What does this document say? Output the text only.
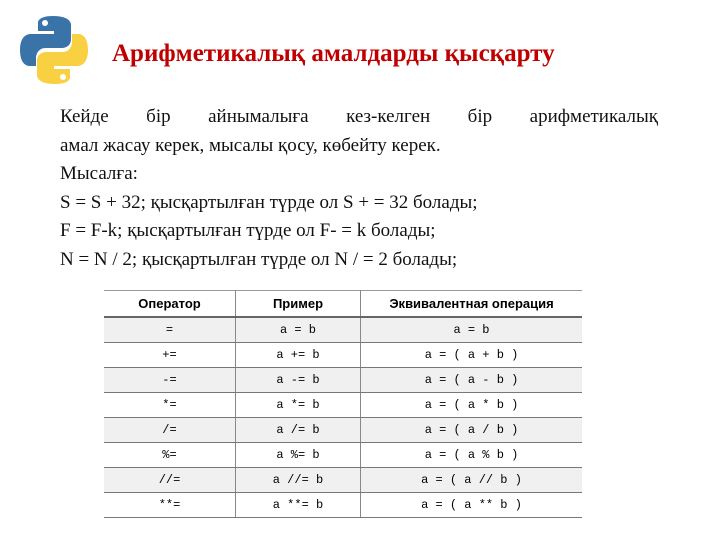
Арифметикалық амалдарды қысқарту

Кейде бір айнымалыға кез-келген бір арифметикалық

амал жасау керек, мысалы қосу, көбейту керек.

Мысалға:

S = S + 32; қысқартылған түрде ол S + = 32 болады;

F = F-k; қысқартылған түрде ол F- = k болады;

N = N / 2; қысқартылған түрде ол N / = 2 болады;

Оператор	Пример	Эквивалентная операция
=	a = b	a = b
+=	a += b	a = ( a + b )
-=	a -= b	a = ( a - b )
*=	a *= b	a = ( a * b )
/=	a /= b	a = ( a / b )
%=	a %= b	a = ( a % b )
//=	a //= b	a = ( a // b )
**=	a **= b	a = ( a ** b )
